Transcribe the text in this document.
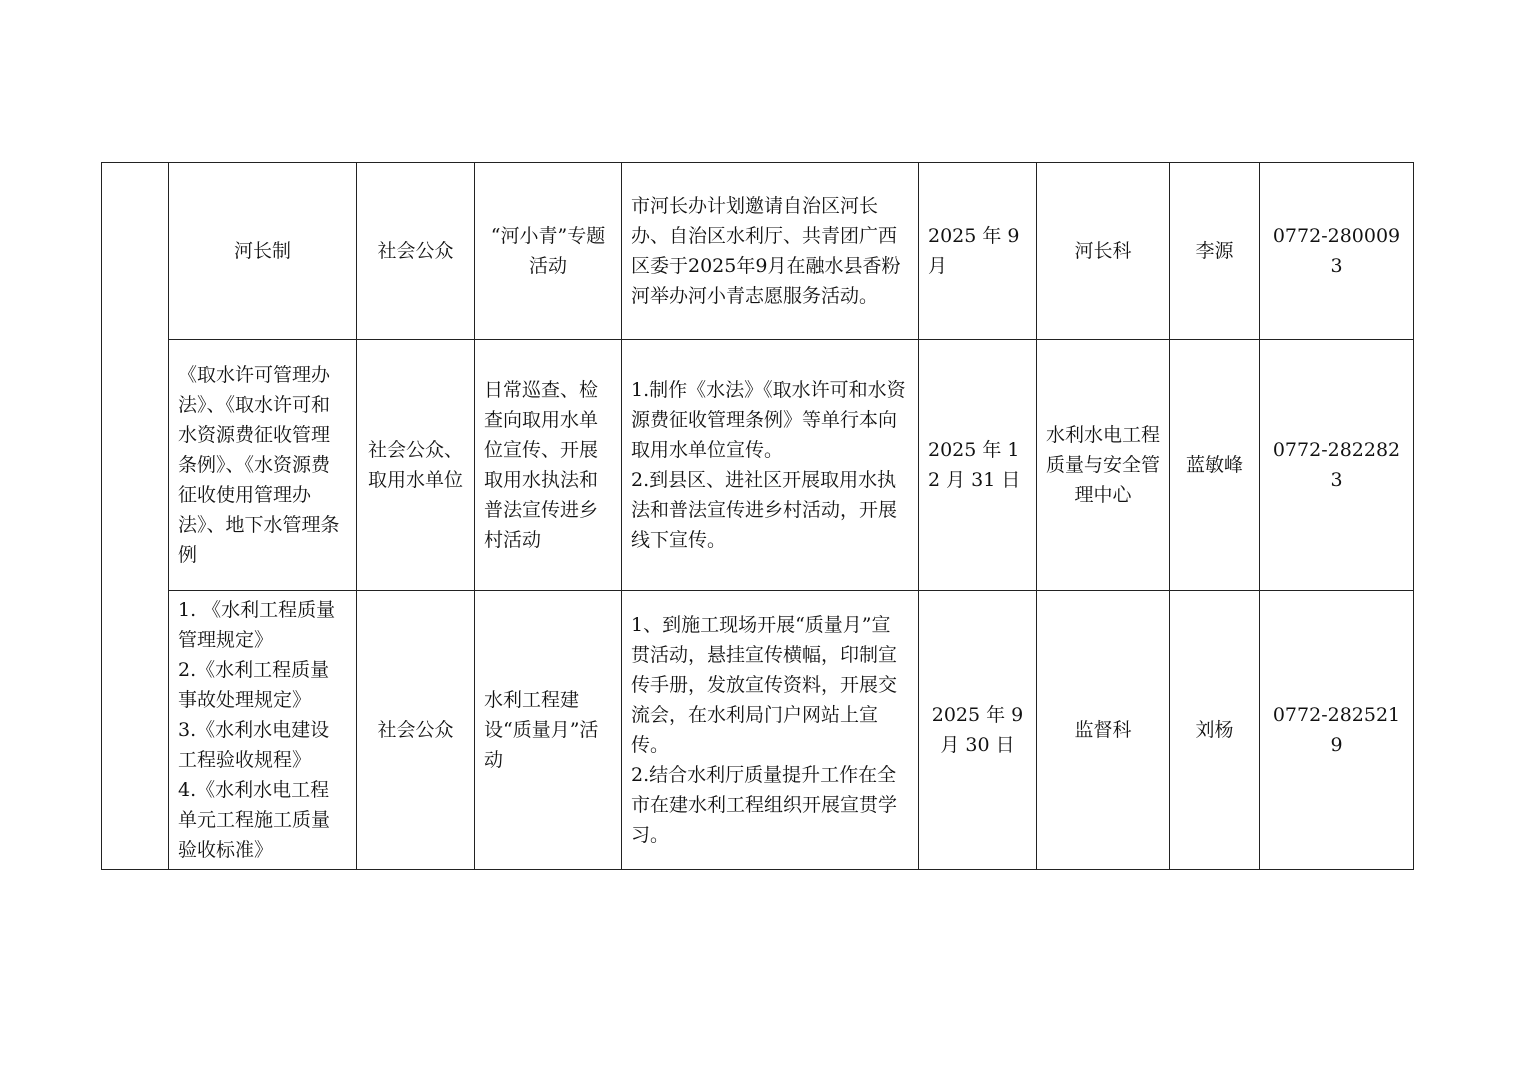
	河长制	社会公众	“河小青”专题活动	市河长办计划邀请自治区河长办、自治区水利厅、共青团广西区委于2025年9月在融水县香粉河举办河小青志愿服务活动。	2025 年 9 月	河长科	李源	0772-2800093
	《取水许可管理办法》、《取水许可和水资源费征收管理条例》、《水资源费征收使用管理办法》、地下水管理条例	社会公众、取用水单位	日常巡查、检查向取用水单位宣传、开展取用水执法和普法宣传进乡村活动	1.制作《水法》《取水许可和水资源费征收管理条例》等单行本向取用水单位宣传。
2.到县区、进社区开展取用水执法和普法宣传进乡村活动，开展线下宣传。	2025 年 12 月 31 日	水利水电工程质量与安全管理中心	蓝敏峰	0772-2822823
	1. 《水利工程质量管理规定》
2.《水利工程质量事故处理规定》
3.《水利水电建设工程验收规程》
4.《水利水电工程单元工程施工质量验收标准》	社会公众	水利工程建设“质量月”活动	1、到施工现场开展“质量月”宣贯活动，悬挂宣传横幅，印制宣传手册，发放宣传资料，开展交流会，在水利局门户网站上宣传。
2.结合水利厅质量提升工作在全市在建水利工程组织开展宣贯学习。	2025 年 9 月 30 日	监督科	刘杨	0772-2825219
